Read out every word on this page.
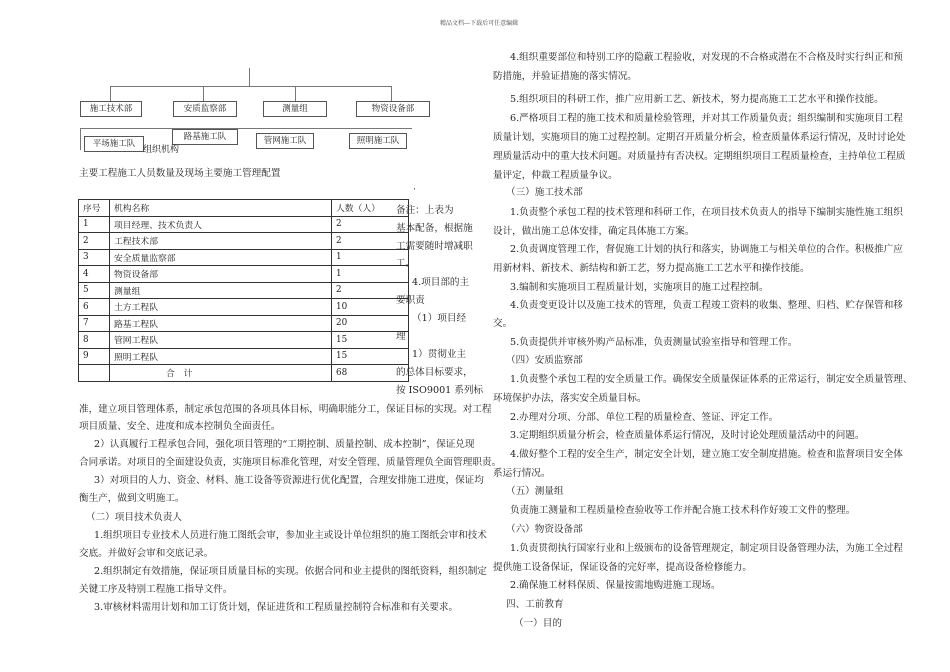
精品文档---下载后可任意编辑
施工技术部	安质监察部	测量组	物资设备部
平场施工队
路基施工队	管网施工队	照明施工队
组织机构
主要工程施工人员数量及现场主要施工管理配置
·
序号	机构名称	人数（人）
1	项目经理、技术负责人	2
2	工程技术部	2
3	安全质量监察部	1
4	物资设备部	1
5	测量组	2
6	土方工程队	10
7	路基工程队	20
8	管网工程队	15
9	照明工程队	15
	合　计	68
备注：上表为
基本配备，根据施
工需要随时增减职
工。
4.项目部的主
要职责
（1）项目经
理
1）贯彻业主
的总体目标要求，
按 ISO9001 系列标
准，建立项目管理体系，制定承包范围的各项具体目标，明确职能分工，保证目标的实现。对工程
项目质量、安全、进度和成本控制负全面责任。
2）认真履行工程承包合同，强化项目管理的“工期控制、质量控制、成本控制”，保证兑现
合同承诺。对项目的全面建设负责，实施项目标准化管理，对安全管理、质量管理负全面管理职责。
3）对项目的人力、资金、材料、施工设备等资源进行优化配置，合理安排施工进度，保证均
衡生产，做到文明施工。
（二）项目技术负责人
1.组织项目专业技术人员进行施工图纸会审，参加业主或设计单位组织的施工图纸会审和技术
交底。并做好会审和交底记录。
2.组织制定有效措施，保证项目质量目标的实现。依据合同和业主提供的图纸资料，组织制定
关键工序及特别工程施工指导文件。
3.审核材料需用计划和加工订货计划，保证进货和工程质量控制符合标准和有关要求。
4.组织重要部位和特别工序的隐蔽工程验收，对发现的不合格或潜在不合格及时实行纠正和预
防措施，并验证措施的落实情况。
5.组织项目的科研工作，推广应用新工艺、新技术，努力提高施工工艺水平和操作技能。
6.严格项目工程的施工技术和质量检验管理，并对其工作质量负责；组织编制和实施项目工程
质量计划，实施项目的施工过程控制。定期召开质量分析会，检查质量体系运行情况，及时讨论处
理质量活动中的重大技术问题。对质量持有否决权。定期组织项目工程质量检查，主持单位工程质
量评定，仲裁工程质量争议。
（三）施工技术部
1.负责整个承包工程的技术管理和科研工作，在项目技术负责人的指导下编制实施性施工组织
设计，做出施工总体安排，确定具体施工方案。
2.负责调度管理工作，督促施工计划的执行和落实，协调施工与相关单位的合作。积极推广应
用新材料、新技术、新结构和新工艺，努力提高施工工艺水平和操作技能。
3.编制和实施项目工程质量计划，实施项目的施工过程控制。
4.负责变更设计以及施工技术的管理，负责工程竣工资料的收集、整理、归档、贮存保管和移
交。
5.负责提供并审核外购产品标准，负责测量试验室指导和管理工作。
（四）安质监察部
1.负责整个承包工程的安全质量工作。确保安全质量保证体系的正常运行，制定安全质量管理、
环境保护办法，落实安全质量目标。
2.办理对分项、分部、单位工程的质量检查、签证、评定工作。
3.定期组织质量分析会，检查质量体系运行情况，及时讨论处理质量活动中的问题。
4.做好整个工程的安全生产，制定安全计划，建立施工安全制度措施。检查和监督项目安全体
系运行情况。
（五）测量组
负责施工测量和工程质量检查验收等工作并配合施工技术科作好竣工文件的整理。
（六）物资设备部
1.负责贯彻执行国家行业和上级颁布的设备管理规定，制定项目设备管理办法，为施工全过程
提供施工设备保证，保证设备的完好率，提高设备检修能力。
2.确保施工材料保质、保量按需地购进施工现场。
四、工前教育
（一）目的
